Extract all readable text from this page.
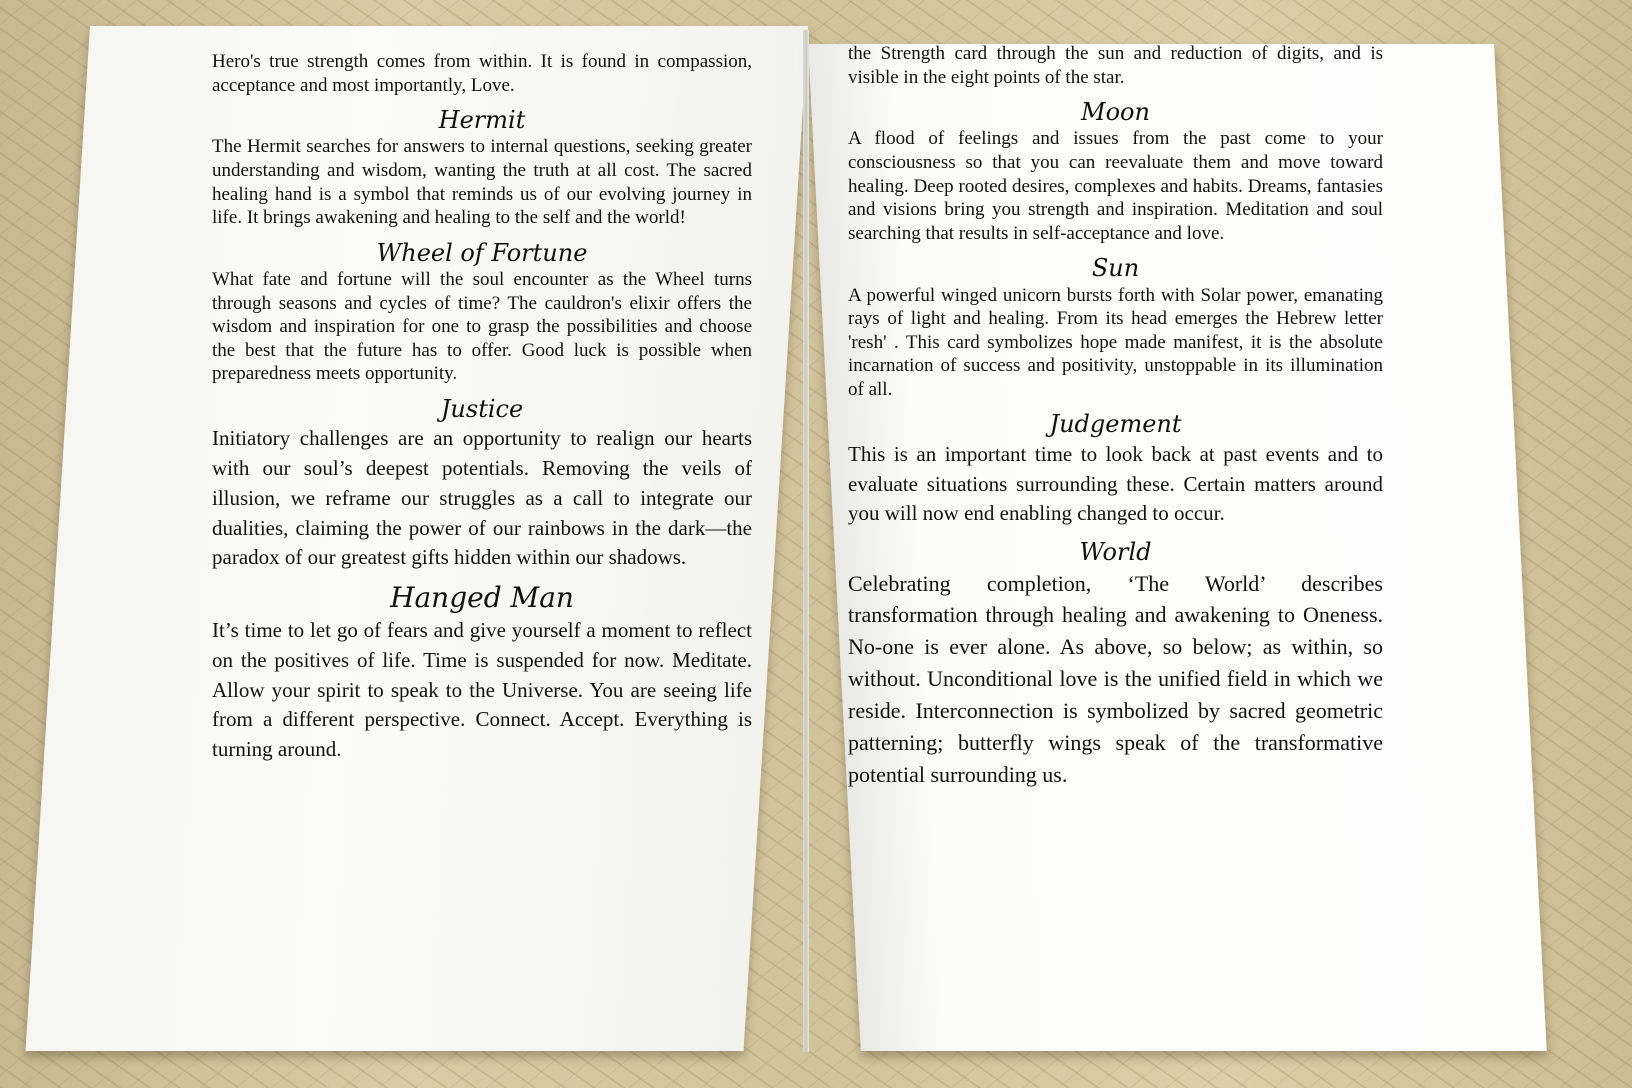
Hero's true strength comes from within. It is found in compassion, acceptance and most importantly, Love.

Hermit

The Hermit searches for answers to internal questions, seeking greater understanding and wisdom, wanting the truth at all cost. The sacred healing hand is a symbol that reminds us of our evolving journey in life. It brings awakening and healing to the self and the world!

Wheel of Fortune

What fate and fortune will the soul encounter as the Wheel turns through seasons and cycles of time? The cauldron's elixir offers the wisdom and inspiration for one to grasp the possibilities and choose the best that the future has to offer. Good luck is possible when preparedness meets opportunity.

Justice

Initiatory challenges are an opportunity to realign our hearts with our soul’s deepest potentials. Removing the veils of illusion, we reframe our struggles as a call to integrate our dualities, claiming the power of our rainbows in the dark—the paradox of our greatest gifts hidden within our shadows.

Hanged Man

It’s time to let go of fears and give yourself a moment to reflect on the positives of life. Time is suspended for now. Meditate. Allow your spirit to speak to the Universe. You are seeing life from a different perspective. Connect. Accept. Everything is turning around.

the Strength card through the sun and reduction of digits, and is visible in the eight points of the star.

Moon

A flood of feelings and issues from the past come to your consciousness so that you can reevaluate them and move toward healing. Deep rooted desires, complexes and habits. Dreams, fantasies and visions bring you strength and inspiration. Meditation and soul searching that results in self-acceptance and love.

Sun

A powerful winged unicorn bursts forth with Solar power, emanating rays of light and healing. From its head emerges the Hebrew letter 'resh' . This card symbolizes hope made manifest, it is the absolute incarnation of success and positivity, unstoppable in its illumination of all.

Judgement

This is an important time to look back at past events and to evaluate situations surrounding these. Certain matters around you will now end enabling changed to occur.

World

Celebrating completion, ‘The World’ describes transformation through healing and awakening to Oneness. No-one is ever alone. As above, so below; as within, so without. Unconditional love is the unified field in which we reside. Interconnection is symbolized by sacred geometric patterning; butterfly wings speak of the transformative potential surrounding us.
